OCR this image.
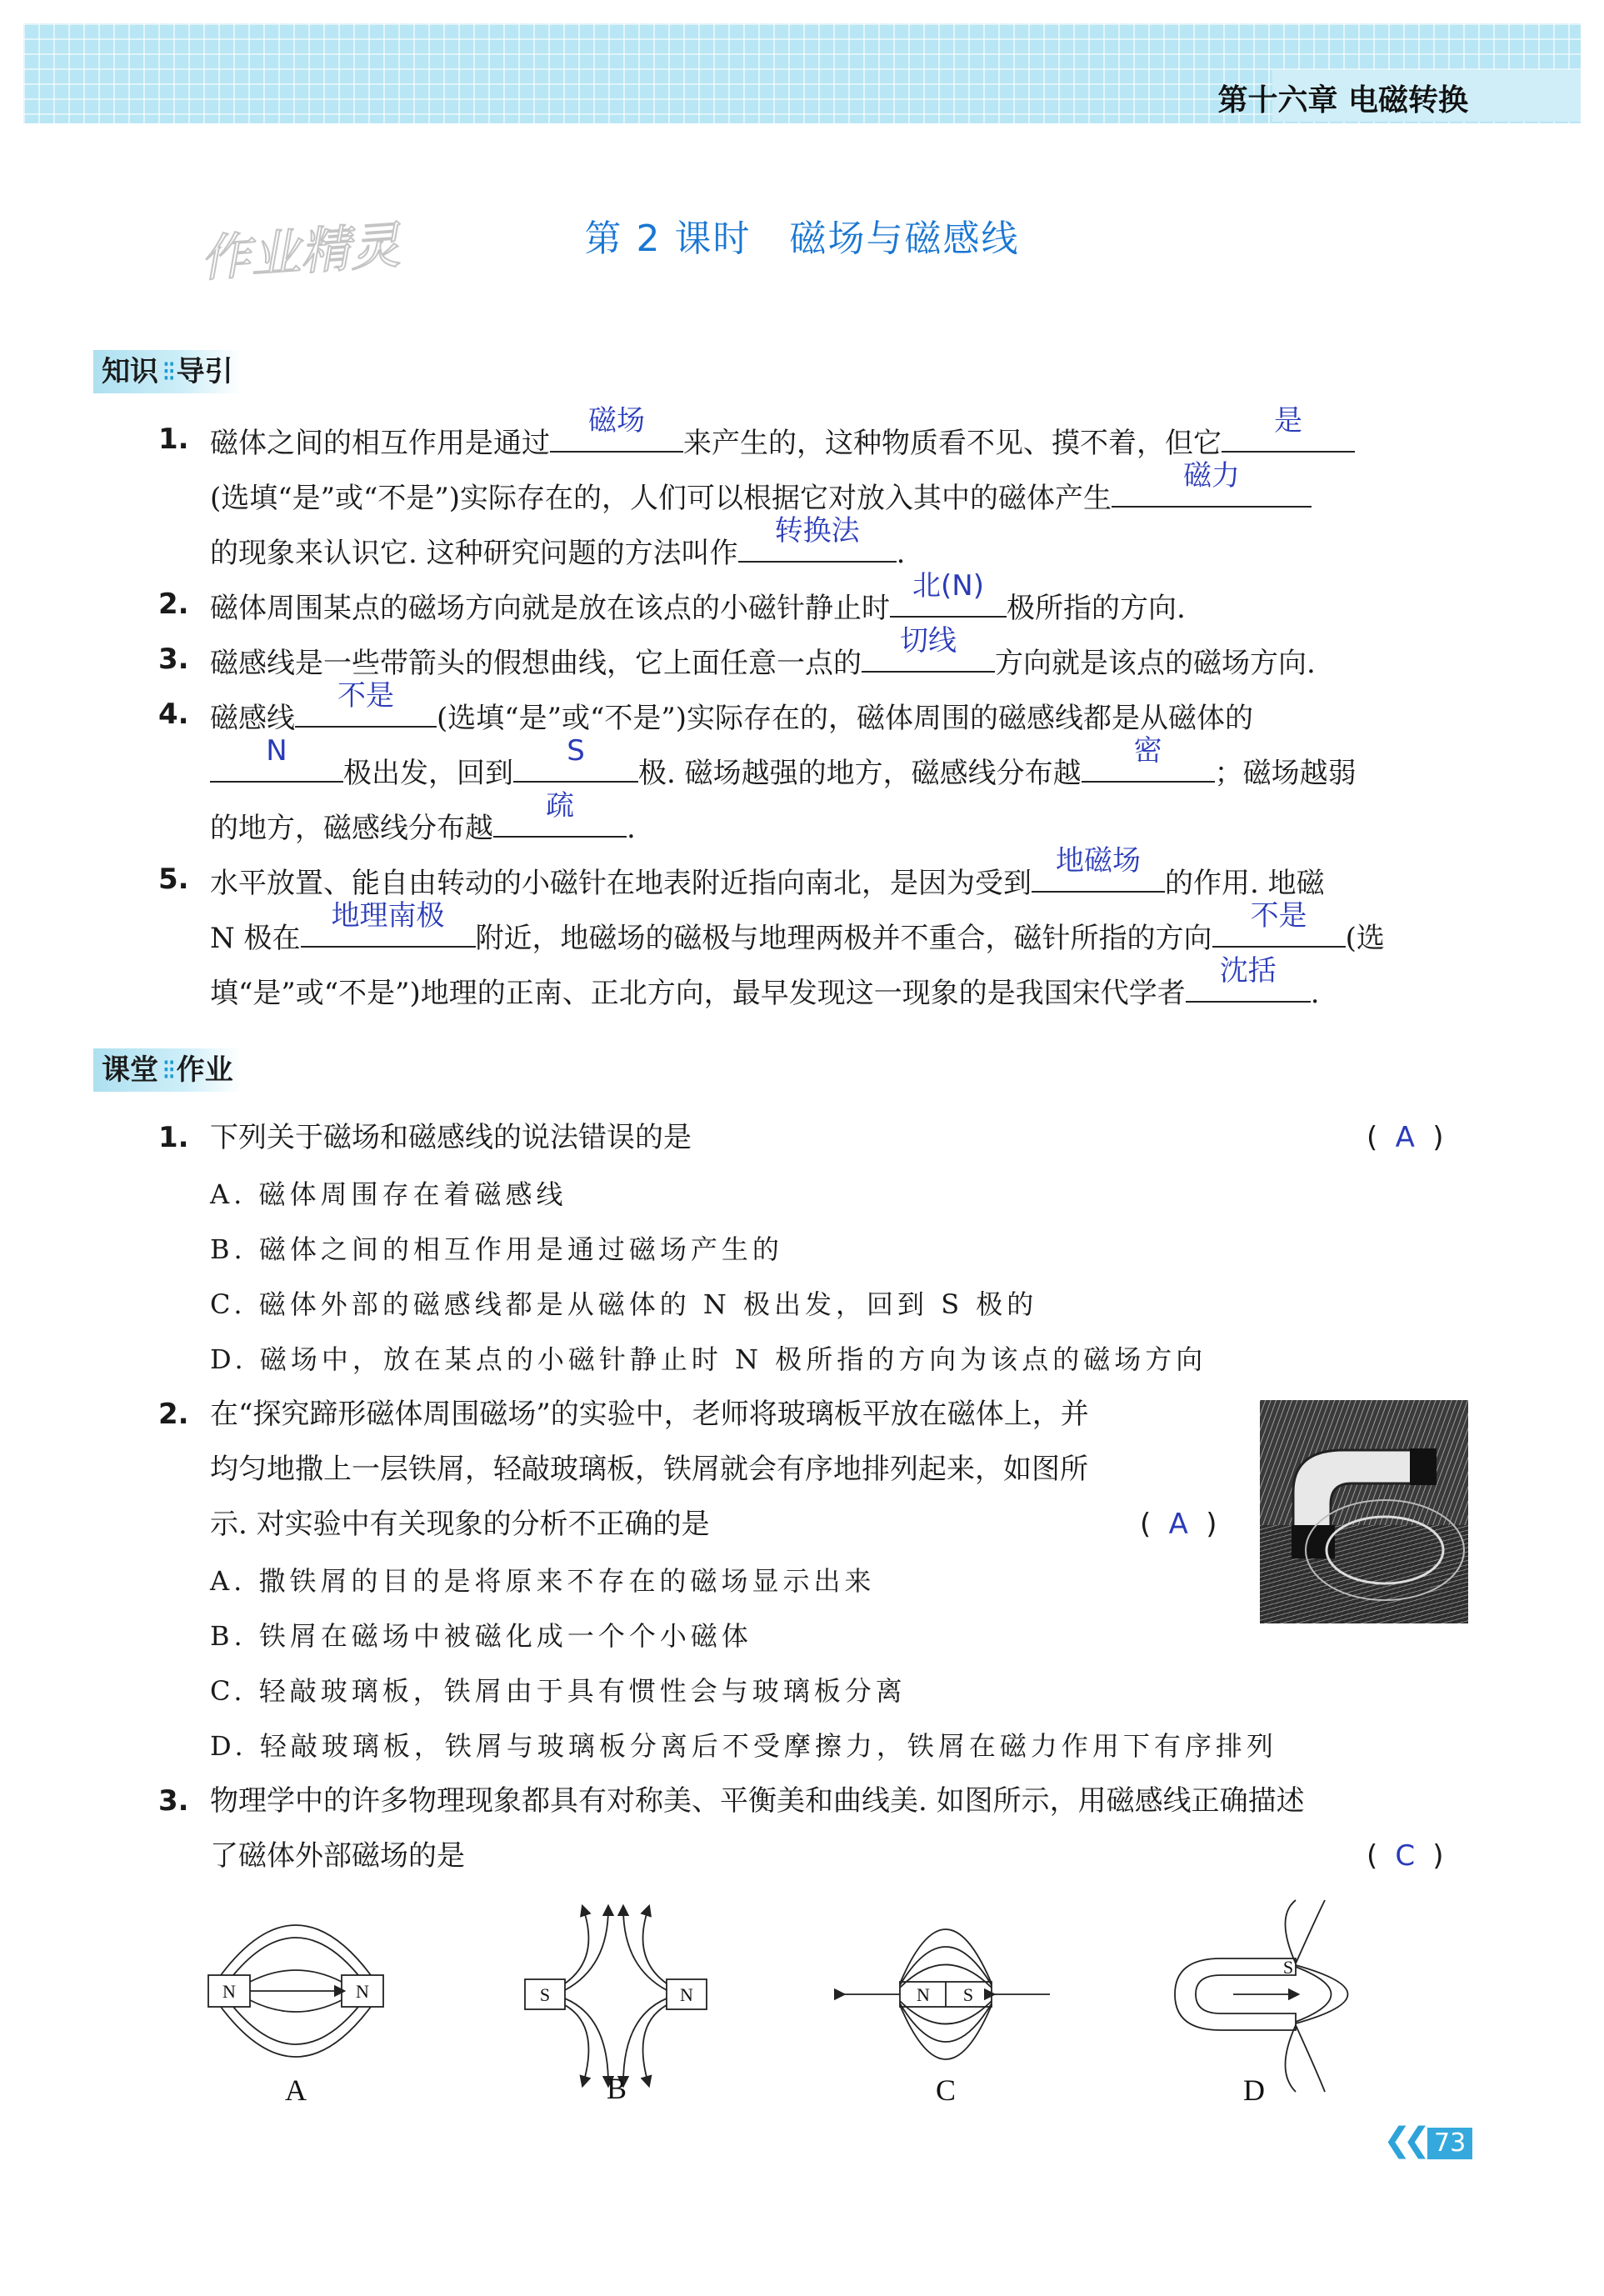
第十六章 电磁转换
作业精灵	第 2 课时 磁场与磁感线
知识 ⁝⁝ 导引
1. 磁体之间的相互作用是通过
磁场
来产生的，这种物质看不见、摸不着，但它
是
(选填“是”或“不是”)实际存在的，人们可以根据它对放入其中的磁体产生
磁力
的现象来认识它. 这种研究问题的方法叫作
转换法
.
2. 磁体周围某点的磁场方向就是放在该点的小磁针静止时
北(N)
极所指的方向.
3. 磁感线是一些带箭头的假想曲线，它上面任意一点的
切线
方向就是该点的磁场方向.
4. 磁感线
不是
(选填“是”或“不是”)实际存在的，磁体周围的磁感线都是从磁体的
N
极出发，回到
S
极. 磁场越强的地方，磁感线分布越
密
；磁场越弱
的地方，磁感线分布越
疏
.
5. 水平放置、能自由转动的小磁针在地表附近指向南北，是因为受到
地磁场
的作用. 地磁
N 极在
地理南极
附近，地磁场的磁极与地理两极并不重合，磁针所指的方向
不是
(选
填“是”或“不是”)地理的正南、正北方向，最早发现这一现象的是我国宋代学者
沈括
.
课堂 ⁝⁝ 作业
1. 下列关于磁场和磁感线的说法错误的是	( A )
A. 磁体周围存在着磁感线
B. 磁体之间的相互作用是通过磁场产生的
C. 磁体外部的磁感线都是从磁体的 N 极出发，回到 S 极的
D. 磁场中，放在某点的小磁针静止时 N 极所指的方向为该点的磁场方向
2. 在“探究蹄形磁体周围磁场”的实验中，老师将玻璃板平放在磁体上，并
均匀地撒上一层铁屑，轻敲玻璃板，铁屑就会有序地排列起来，如图所
示. 对实验中有关现象的分析不正确的是	( A )
A. 撒铁屑的目的是将原来不存在的磁场显示出来
B. 铁屑在磁场中被磁化成一个个小磁体
C. 轻敲玻璃板，铁屑由于具有惯性会与玻璃板分离
D. 轻敲玻璃板，铁屑与玻璃板分离后不受摩擦力，铁屑在磁力作用下有序排列
3. 物理学中的许多物理现象都具有对称美、平衡美和曲线美. 如图所示，用磁感线正确描述
了磁体外部磁场的是	( C )
N	N	S	N	N S
S
A	B	C	D
❮❮ 73
